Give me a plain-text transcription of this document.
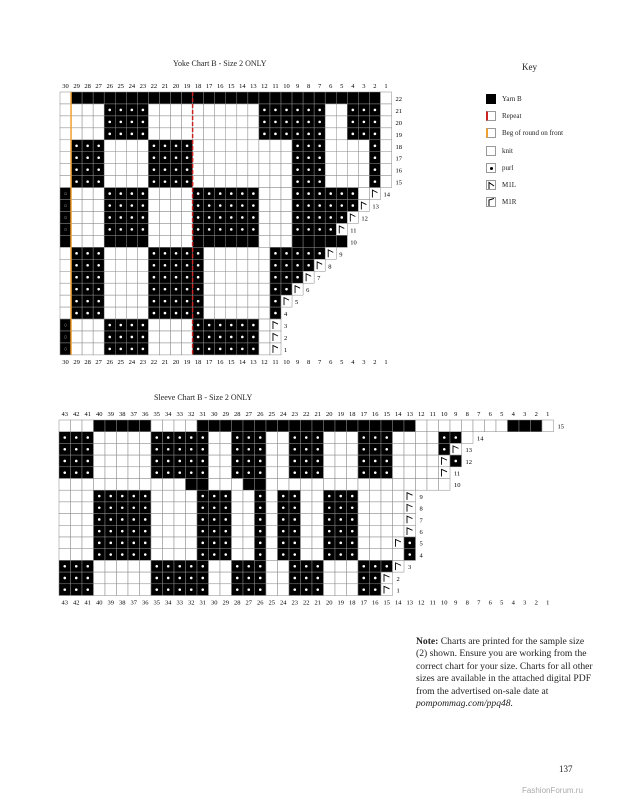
Yoke Chart B - Size 2 ONLY	Key
30
30
29
29
28
28
27
27
26
26
25
25
24
24
23
23
22
22
21
21
20
20
19
19
18
18
17
17
16
16
15
15
14
14
13
13
12
12
11
11
10
10
9
9
8
8
7
7
6
6
5
5
4
4
3
3
2
2
1
1
22
21
20
19
18
17
16
15
14
13
12
11
10
9
8
7
6
5
4
3
2
1
Yarn B
Repeat
Beg of round on front
knit
purl
M1L
M1R
Sleeve Chart B - Size 2 ONLY
43
43
42
42
41
41
40
40
39
39
38
38
37
37
36
36
35
35
34
34
33
33
32
32
31
31
30
30
29
29
28
28
27
27
26
26
25
25
24
24
23
23
22
22
21
21
20
20
19
19
18
18
17
17
16
16
15
15
14
14
13
13
12
12
11
11
10
10
9
9
8
8
7
7
6
6
5
5
4
4
3
3
2
2
1
1
15
14
13
12
11
10
9
8
7
6
5
4
3
2
1
Note: Charts are printed for the sample size (2) shown. Ensure you are working from the correct chart for your size. Charts for all other sizes are available in the attached digital PDF from the advertised on-sale date at pompommag.com/ppq48.
137
FashionForum.ru
